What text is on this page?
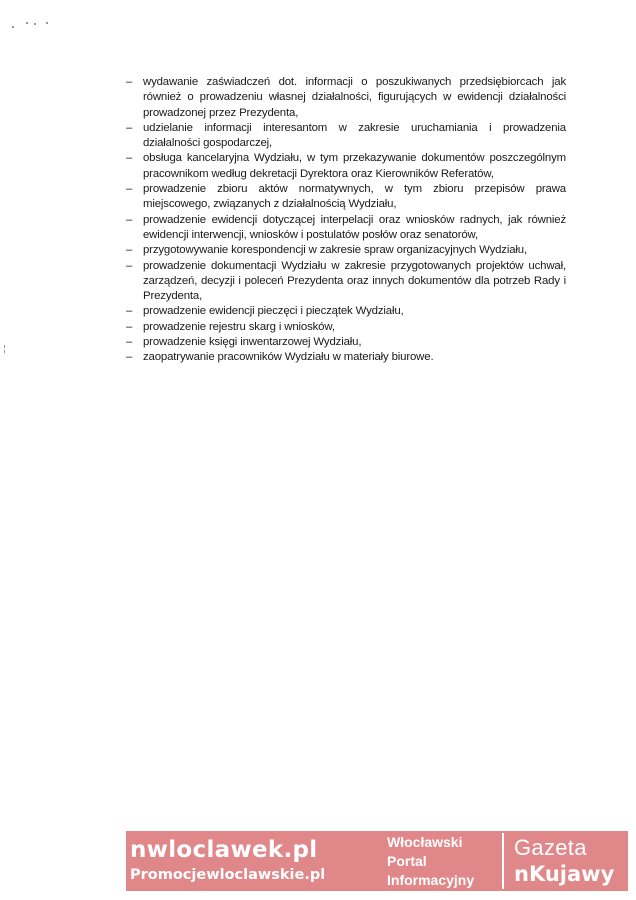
– wydawanie zaświadczeń dot. informacji o poszukiwanych przedsiębiorcach jak również o prowadzeniu własnej działalności, figurujących w ewidencji działalności prowadzonej przez Prezydenta,
– udzielanie informacji interesantom w zakresie uruchamiania i prowadzenia działalności gospodarczej,
– obsługa kancelaryjna Wydziału, w tym przekazywanie dokumentów poszczególnym pracownikom według dekretacji Dyrektora oraz Kierowników Referatów,
– prowadzenie zbioru aktów normatywnych, w tym zbioru przepisów prawa miejscowego, związanych z działalnością Wydziału,
– prowadzenie ewidencji dotyczącej interpelacji oraz wniosków radnych, jak również ewidencji interwencji, wniosków i postulatów posłów oraz senatorów,
– przygotowywanie korespondencji w zakresie spraw organizacyjnych Wydziału,
– prowadzenie dokumentacji Wydziału w zakresie przygotowanych projektów uchwał, zarządzeń, decyzji i poleceń Prezydenta oraz innych dokumentów dla potrzeb Rady i Prezydenta,
– prowadzenie ewidencji pieczęci i pieczątek Wydziału,
– prowadzenie rejestru skarg i wniosków,
– prowadzenie księgi inwentarzowej Wydziału,
– zaopatrywanie pracowników Wydziału w materiały biurowe.
nwloclawek.pl
Promocjewloclawskie.pl
Włocławski
Portal
Informacyjny
Gazeta
nKujawy
